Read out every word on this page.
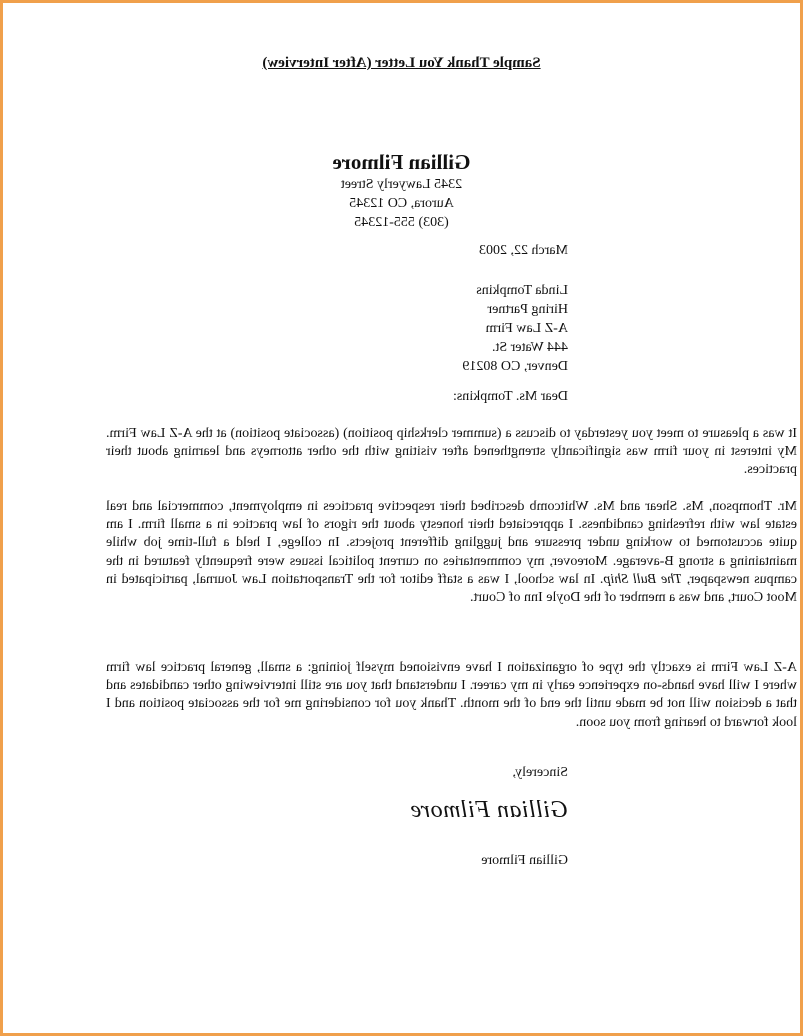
Sample Thank You Letter (After Interview)

Gillian Filmore

2345 Lawyerly Street

Aurora, CO 12345

(303) 555-12345

March 22, 2003

Linda Tompkins

Hiring Partner

A-Z Law Firm

444 Water St.

Denver, CO 80219

Dear Ms. Tompkins:

It was a pleasure to meet you yesterday to discuss a (summer clerkship position) (associate position) at the A-Z Law Firm. My interest in your firm was significantly strengthened after visiting with the other attorneys and learning about their practices.

Mr. Thompson, Ms. Shear and Ms. Whitcomb described their respective practices in employment, commercial and real estate law with refreshing candidness. I appreciated their honesty about the rigors of law practice in a small firm. I am quite accustomed to working under pressure and juggling different projects. In college, I held a full-time job while maintaining a strong B-average. Moreover, my commentaries on current political issues were frequently featured in the campus newspaper, The Bull Ship. In law school, I was a staff editor for the Transportation Law Journal, participated in Moot Court, and was a member of the Doyle Inn of Court.

A-Z Law Firm is exactly the type of organization I have envisioned myself joining: a small, general practice law firm where I will have hands-on experience early in my career. I understand that you are still interviewing other candidates and that a decision will not be made until the end of the month. Thank you for considering me for the associate position and I look forward to hearing from you soon.

Sincerely,

Gillian Filmore

Gillian Filmore
